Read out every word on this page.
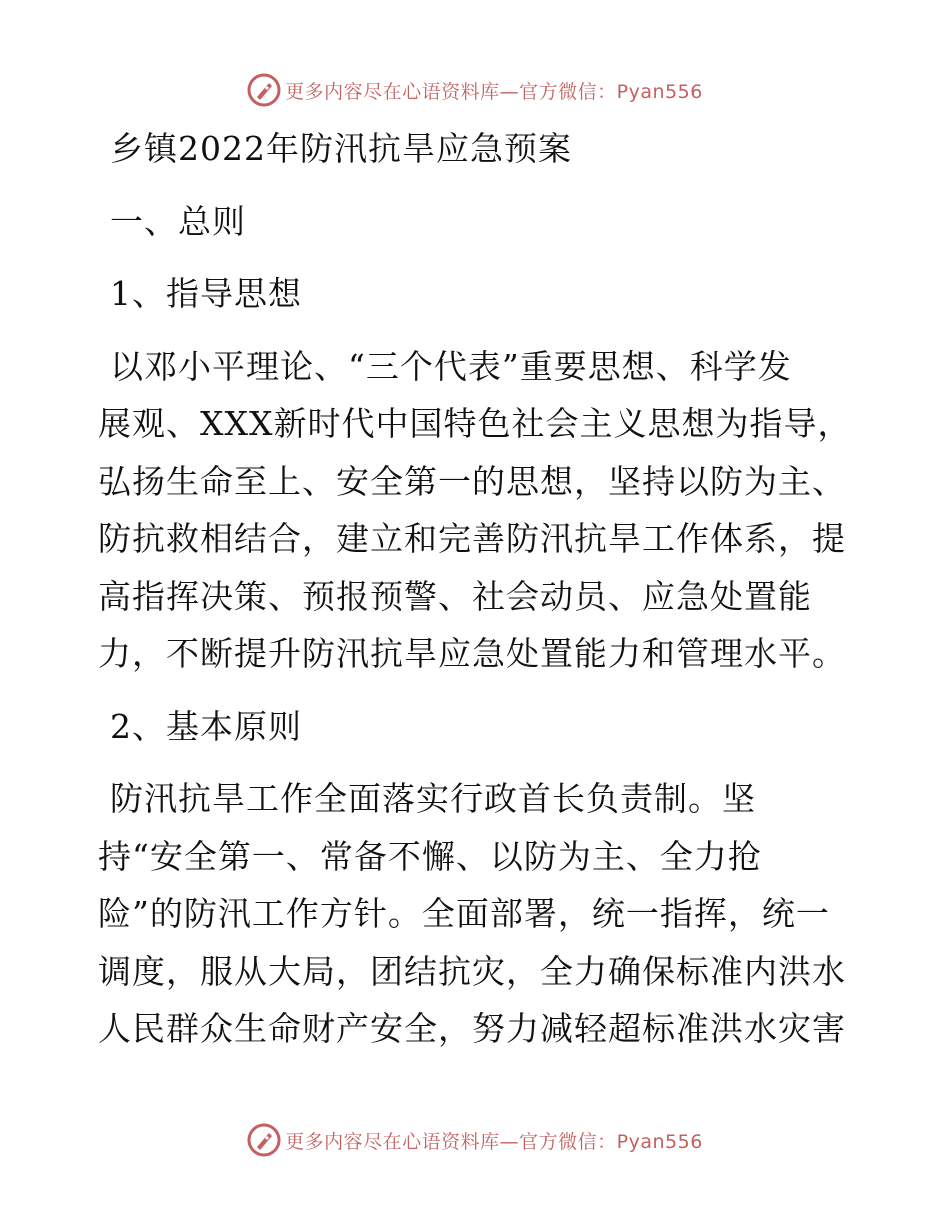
更多内容尽在心语资料库—官方微信：Pyan556
乡镇2022年防汛抗旱应急预案
一、总则
1、指导思想
以邓小平理论、“三个代表”重要思想、科学发
展观、XXX新时代中国特色社会主义思想为指导，
弘扬生命至上、安全第一的思想，坚持以防为主、
防抗救相结合，建立和完善防汛抗旱工作体系，提
高指挥决策、预报预警、社会动员、应急处置能
力，不断提升防汛抗旱应急处置能力和管理水平。
2、基本原则
防汛抗旱工作全面落实行政首长负责制。坚
持“安全第一、常备不懈、以防为主、全力抢
险”的防汛工作方针。全面部署，统一指挥，统一
调度，服从大局，团结抗灾，全力确保标准内洪水
人民群众生命财产安全，努力减轻超标准洪水灾害
更多内容尽在心语资料库—官方微信：Pyan556
